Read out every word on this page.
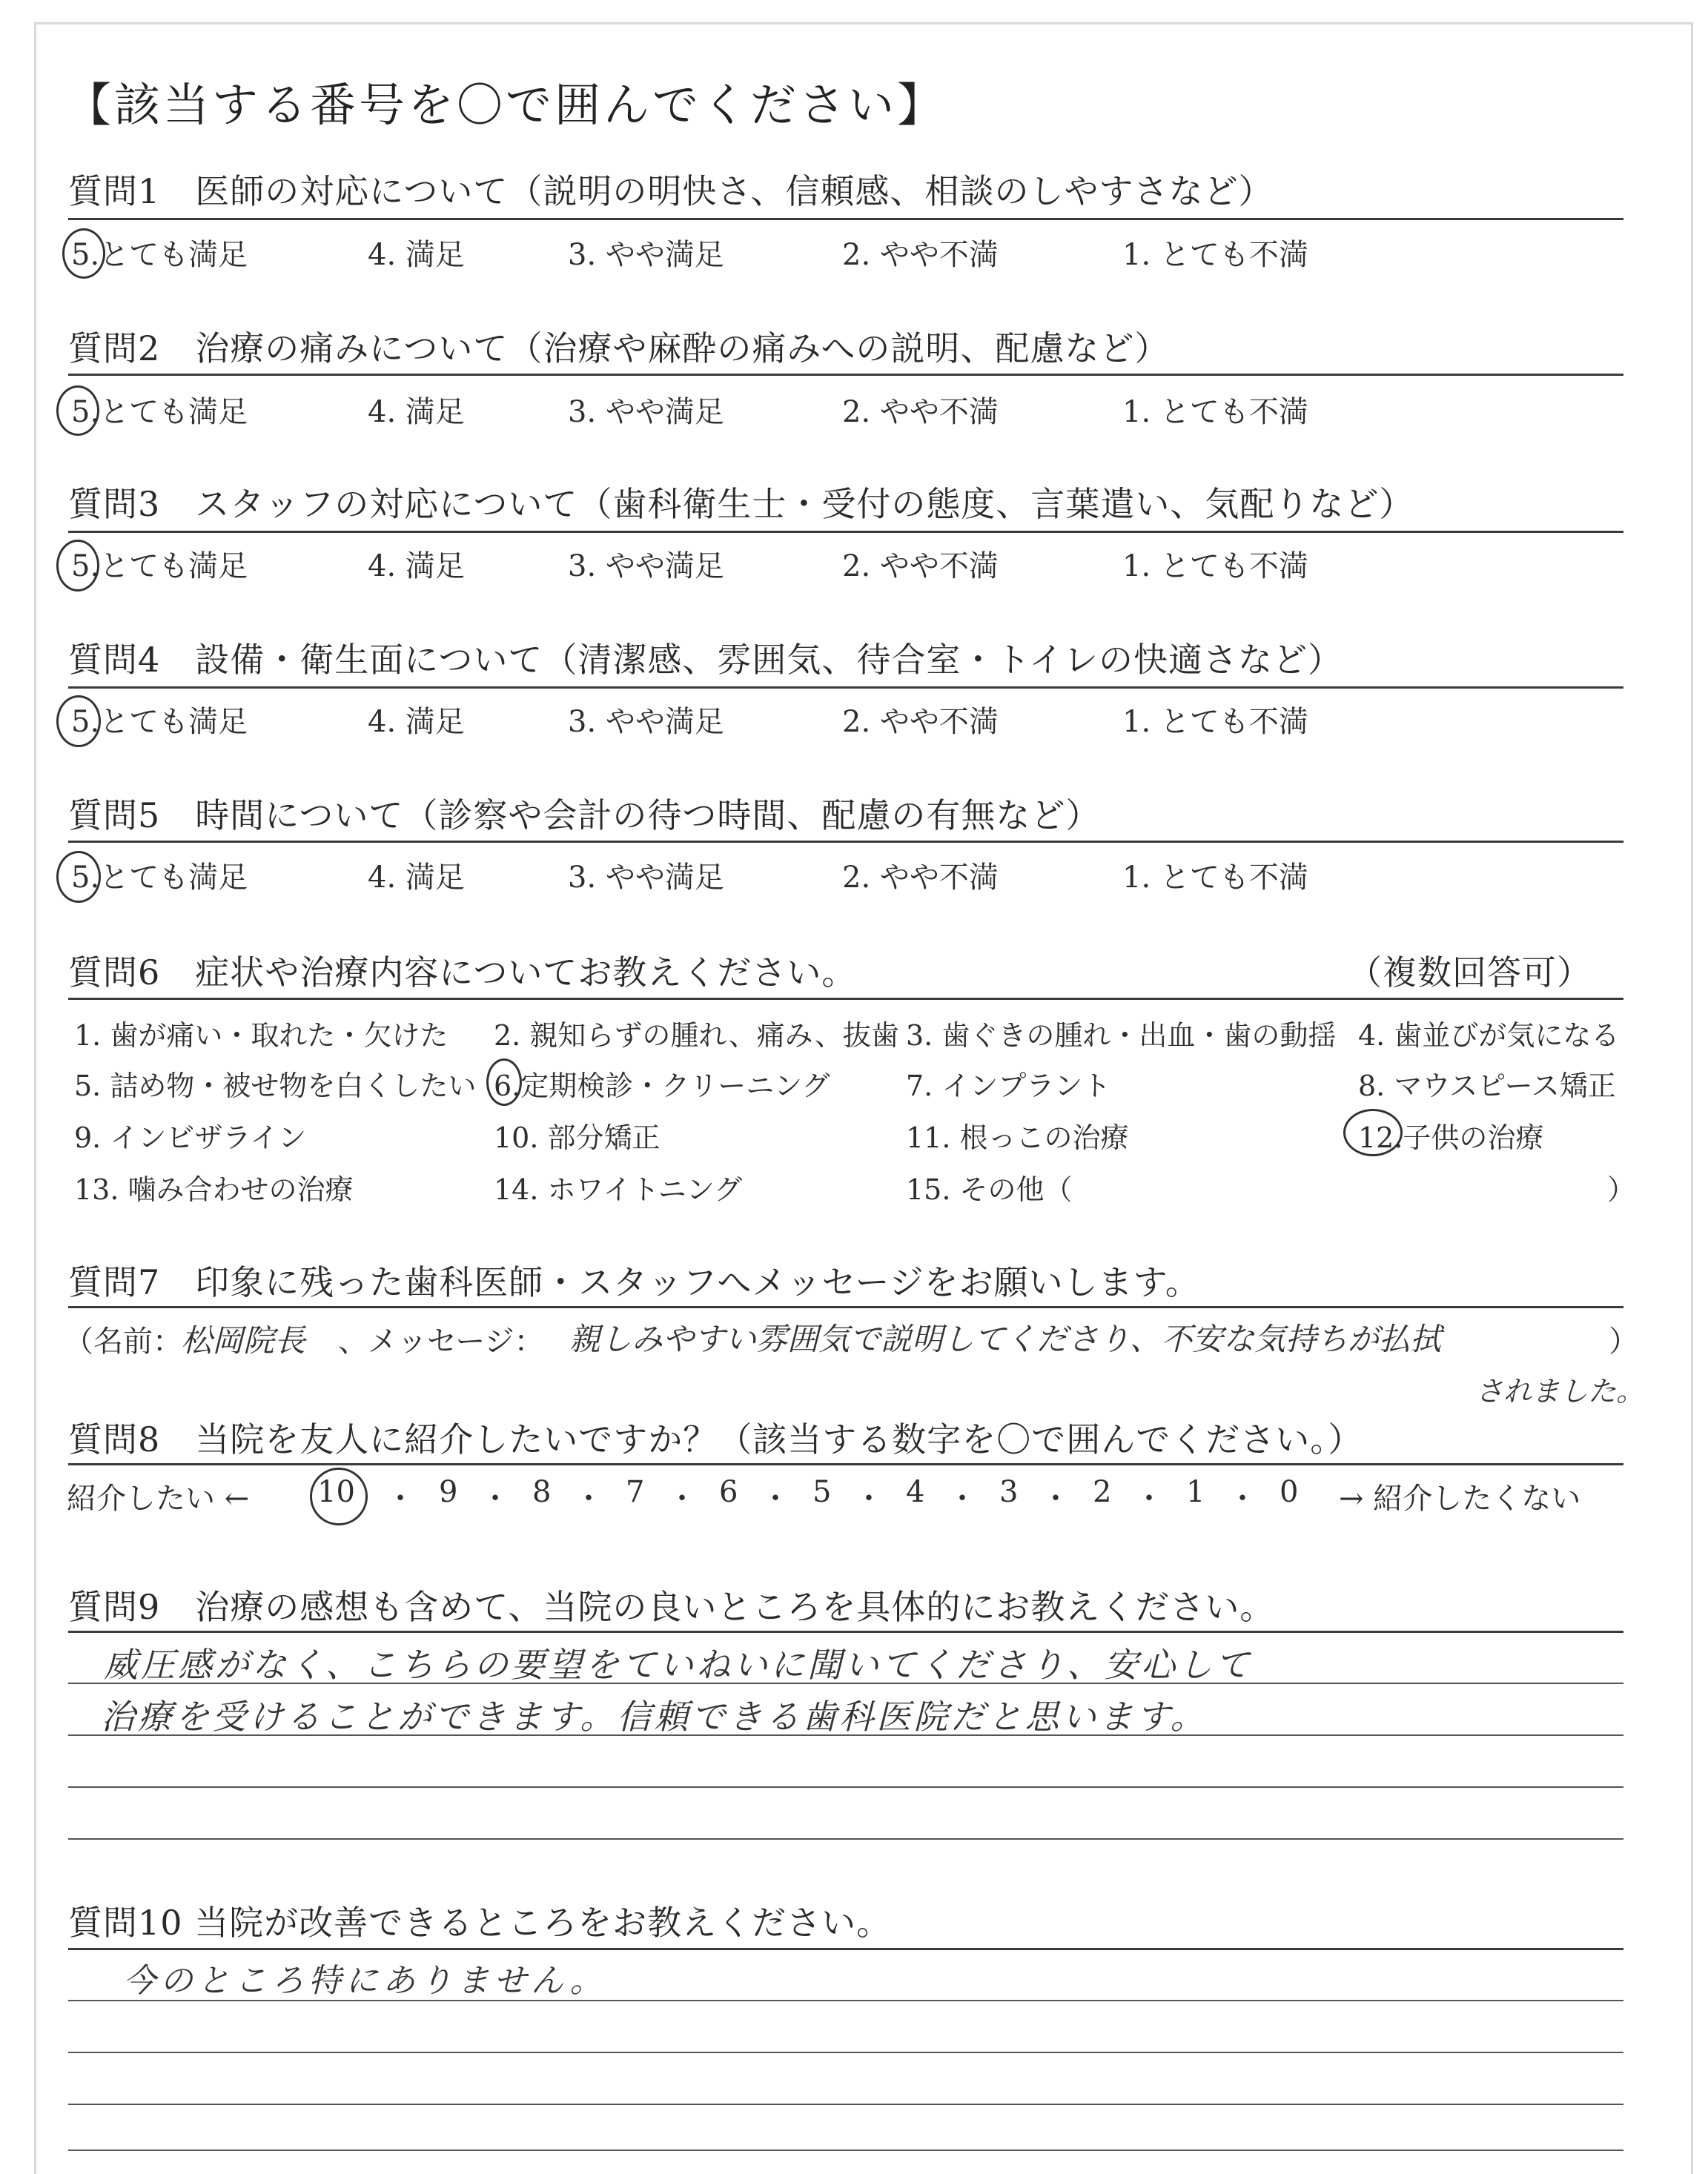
【該当する番号を〇で囲んでください】
質問1　医師の対応について（説明の明快さ、信頼感、相談のしやすさなど）
5.とても満足	4. 満足	3. やや満足	2. やや不満	1. とても不満
質問2　治療の痛みについて（治療や麻酔の痛みへの説明、配慮など）
5.とても満足	4. 満足	3. やや満足	2. やや不満	1. とても不満
質問3　スタッフの対応について（歯科衛生士・受付の態度、言葉遣い、気配りなど）
5.とても満足	4. 満足	3. やや満足	2. やや不満	1. とても不満
質問4　設備・衛生面について（清潔感、雰囲気、待合室・トイレの快適さなど）
5.とても満足	4. 満足	3. やや満足	2. やや不満	1. とても不満
質問5　時間について（診察や会計の待つ時間、配慮の有無など）
5.とても満足	4. 満足	3. やや満足	2. やや不満	1. とても不満
質問6　症状や治療内容についてお教えください。	（複数回答可）
1. 歯が痛い・取れた・欠けた 2. 親知らずの腫れ、痛み、抜歯 3. 歯ぐきの腫れ・出血・歯の動揺 4. 歯並びが気になる
5. 詰め物・被せ物を白くしたい 6.定期検診・クリーニング	7. インプラント	8. マウスピース矯正
9. インビザライン	10. 部分矯正	11. 根っこの治療	12.子供の治療
13. 噛み合わせの治療	14. ホワイトニング	15. その他（	）
質問7　印象に残った歯科医師・スタッフへメッセージをお願いします。
（名前：
松岡院長 、メッセージ： 親しみやすい雰囲気で説明してくださり、不安な気持ちが払拭	）
されました。
質問8　当院を友人に紹介したいですか？（該当する数字を〇で囲んでください。）
紹介したい ← 10 ・ 9 ・ 8 ・ 7 ・ 6 ・ 5 ・ 4 ・ 3 ・ 2 ・ 1 ・ 0 → 紹介したくない
質問9　治療の感想も含めて、当院の良いところを具体的にお教えください。
威圧感がなく、こちらの要望をていねいに聞いてくださり、安心して
治療を受けることができます。信頼できる歯科医院だと思います。
質問10 当院が改善できるところをお教えください。
今のところ特にありません。
